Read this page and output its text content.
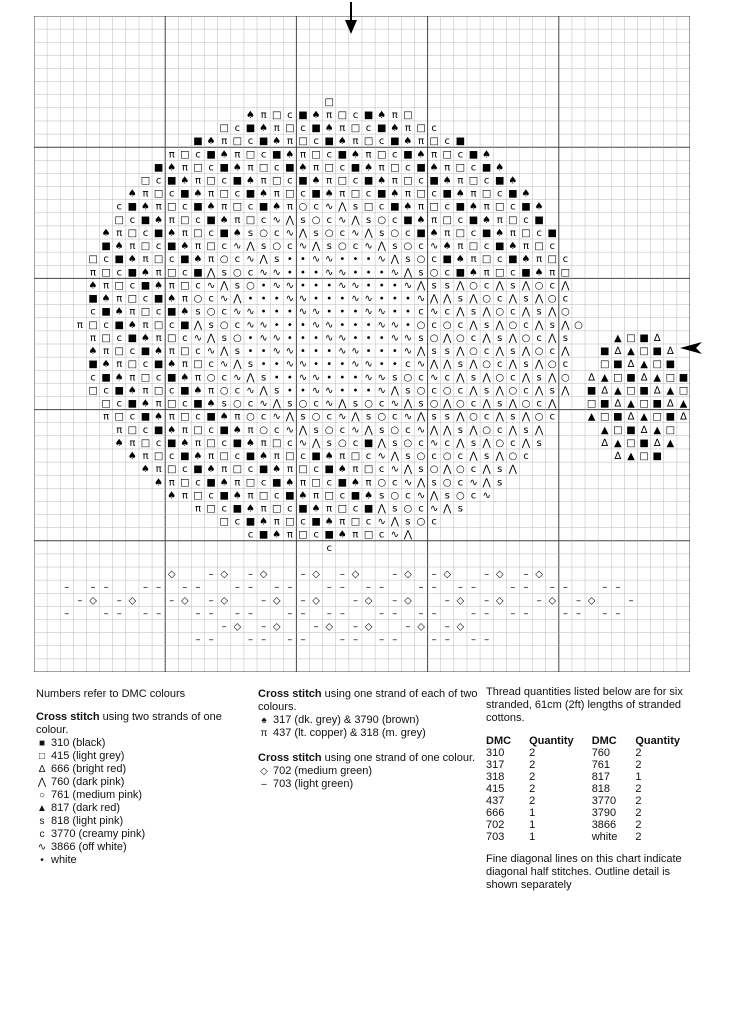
□
♠ π □ c ■ ♠ π □ c ■ ♠ π □
□ c ■ ♠ π □ c ■ ♠ π □ c ■ ♠ π □ c
■ ♠ π □ c ■ ♠ π □ c ■ ♠ π □ c ■ ♠ π □ c ■
π □ c ■ ♠ π □ c ■ ♠ π □ c ■ ♠ π □ c ■ ♠ π □ c ■ ♠
■ ♠ π □ c ■ ♠ π □ c ■ ♠ π □ c ■ ♠ π □ c ■ ♠ π □ c ■ ♠
□ c ■ ♠ π □ c ■ ♠ π □ c ■ ♠ π □ c ■ ♠ π □ c ■ ♠ π □ c ■ ♠
♠ π □ c ■ ♠ π □ c ■ ♠ π □ c ■ ♠ π □ c ■ ♠ π □ c ■ ♠ π □ c ■ ♠
c ■ ♠ π □ c ■ ♠ π □ c ■ ♠ π ○ c ∿ ⋀ s □ c ■ ♠ π □ c ■ ♠ π □ c ■ ♠
□ c ■ ♠ π □ c ■ ♠ π □ c ∿ ⋀ s ○ c ∿ ⋀ s ○ c ■ ♠ π □ c ■ ♠ π □ c ■
♠ π □ c ■ ♠ π □ c ■ ♠ s ○ c ∿ ⋀ s ○ c ∿ ⋀ s ○ c ■ ♠ π □ c ■ ♠ π □ c ■
■ ♠ π □ c ■ ♠ π □ c ∿ ⋀ s ○ c ∿ ⋀ s ○ c ∿ ⋀ s ○ c ∿ ♠ π □ c ■ ♠ π □ c
□ c ■ ♠ π □ c ■ ♠ π ○ c ∿ ⋀ s • • ∿ ∿ • • • ∿ ⋀ s ○ c ■ ♠ π □ c ■ ♠ π □ c
π □ c ■ ♠ π □ c ■ ⋀ s ○ c ∿ ∿ • • • ∿ ∿ • • • ∿ ⋀ s ○ c ■ ♠ π □ c ■ ♠ π □
♠ π □ c ■ ♠ π □ c ∿ ⋀ s ○ • ∿ ∿ • • • ∿ ∿ • • • ∿ ⋀ s s ⋀ ○ c ⋀ s ⋀ ○ c ⋀
■ ♠ π □ c ■ ♠ π ○ c ∿ ⋀ • • • ∿ ∿ • • • ∿ ∿ • • • ∿ ⋀ ⋀ s ⋀ ○ c ⋀ s ⋀ ○ c
c ■ ♠ π □ c ■ ♠ s ○ c ∿ ∿ • • • ∿ ∿ • • • ∿ ∿ • • c ∿ c ⋀ s ⋀ ○ c ⋀ s ⋀ ○
π □ c ■ ♠ π □ c ■ ⋀ s ○ c ∿ ∿ • • • ∿ ∿ • • • ∿ ∿ • ○ c ○ c ⋀ s ⋀ ○ c ⋀ s ⋀ ○
π □ c ■ ♠ π □ c ∿ ⋀ s ○ • ∿ ∿ • • • ∿ ∿ • • • ∿ ∿ s ○ ⋀ ○ c ⋀ s ⋀ ○ c ⋀ s
♠ π □ c ■ ♠ π □ c ∿ ⋀ s • • ∿ ∿ • • • ∿ ∿ • • • ∿ ⋀ s s ⋀ ○ c ⋀ s ⋀ ○ c ⋀
■ ♠ π □ c ■ ♠ π □ c ∿ ⋀ s • • ∿ ∿ • • • ∿ ∿ • • c ∿ ⋀ ⋀ s ⋀ ○ c ⋀ s ⋀ ○ c
c ■ ♠ π □ c ■ ♠ π ○ c ∿ ⋀ s • • ∿ ∿ • • • ∿ ∿ s ○ c ∿ c ⋀ s ⋀ ○ c ⋀ s ⋀ ○
□ c ■ ♠ π □ c ■ ♠ π ○ c ∿ ⋀ s • • ∿ ∿ • • • ∿ ⋀ s ○ c ○ c ⋀ s ⋀ ○ c ⋀ s ⋀
□ c ■ ♠ π □ c ■ ♠ s ○ c ∿ ⋀ s ○ c ∿ ⋀ s ○ c ∿ ⋀ s ○ ⋀ ○ c ⋀ s ⋀ ○ c ⋀
π □ c ■ ♠ π □ c ■ ♠ π ○ c ∿ ⋀ s ○ c ∿ ⋀ s ○ c ∿ ⋀ s s ⋀ ○ c ⋀ s ⋀ ○ c
π □ c ■ ♠ π □ c ■ ♠ π ○ c ∿ ⋀ s ○ c ∿ ⋀ s ○ c ∿ ⋀ ⋀ s ⋀ ○ c ⋀ s ⋀
♠ π □ c ■ ♠ π □ c ■ ♠ π □ c ∿ ⋀ s ○ c ■ ⋀ s ○ c ∿ c ⋀ s ⋀ ○ c ⋀ s
♠ π □ c ■ ♠ π □ c ■ ♠ π □ c ■ ♠ π □ c ∿ ⋀ s ○ c ○ c ⋀ s ⋀ ○ c
♠ π □ c ■ ♠ π □ c ■ ♠ π □ c ■ ♠ π □ c ∿ ⋀ s ○ ⋀ ○ c ⋀ s ⋀
♠ π □ c ■ ♠ π □ c ■ ♠ π □ c ■ ♠ π ○ c ∿ ⋀ s ○ c ∿ ⋀ s
♠ π □ c ■ ♠ π □ c ■ ♠ π □ c ■ ♠ s ○ c ∿ ⋀ s ○ c ∿
π □ c ■ ♠ π □ c ■ ♠ π □ c ■ ⋀ s ○ c ∿ ⋀ s
□ c ■ ♠ π □ c ■ ♠ π □ c ∿ ⋀ s ○ c
c ■ ♠ π □ c ■ ♠ π □ c ∿ ⋀
c
▲ □ ■ ∆
■ ∆ ▲ □ ■ ∆
□ ■ ∆ ▲ □ ■
∆ ▲ □ ■ ∆ ▲ □ ■
■ ∆ ▲ □ ■ ∆ ▲ □
□ ■ ∆ ▲ □ ■ ∆ ▲
▲ □ ■ ∆ ▲ □ ■ ∆
▲ □ ■ ∆ ▲ □
∆ ▲ □ ■ ∆ ▲
∆ ▲ □ ■
◇	– ◇ – ◇	– ◇ – ◇	– ◇ – ◇	– ◇ – ◇
– – –	– – – –	– – – –	– – – –	– – – –	– – – –	– –
– ◇ – ◇	– ◇ – ◇	– ◇ – ◇	– ◇ – ◇	– ◇ – ◇	– ◇ – ◇	–
–	– – – –	– – – –	– – – –	– – – –	– – – –	– – – –
– ◇ – ◇	– ◇ – ◇	– ◇ – ◇
– –	– – – –	– – – –	– – – –
Numbers refer to DMC colours
Cross stitch using two strands of one colour.
■ 310 (black)
□ 415 (light grey)
∆ 666 (bright red)
⋀ 760 (dark pink)
○ 761 (medium pink)
▲ 817 (dark red)
s 818 (light pink)
c 3770 (creamy pink)
∿ 3866 (off white)
• white
Cross stitch using one strand of each of two colours.
♠ 317 (dk. grey) & 3790 (brown)
π 437 (lt. copper) & 318 (m. grey)
Cross stitch using one strand of one colour.
◇ 702 (medium green)
– 703 (light green)
Thread quantities listed below are for six stranded, 61cm (2ft) lengths of stranded cottons.
DMC	Quantity	DMC	Quantity
310	2	760	2
317	2	761	2
318	2	817	1
415	2	818	2
437	2	3770	2
666	1	3790	2
702	1	3866	2
703	1	white	2
Fine diagonal lines on this chart indicate diagonal half stitches. Outline detail is shown separately
